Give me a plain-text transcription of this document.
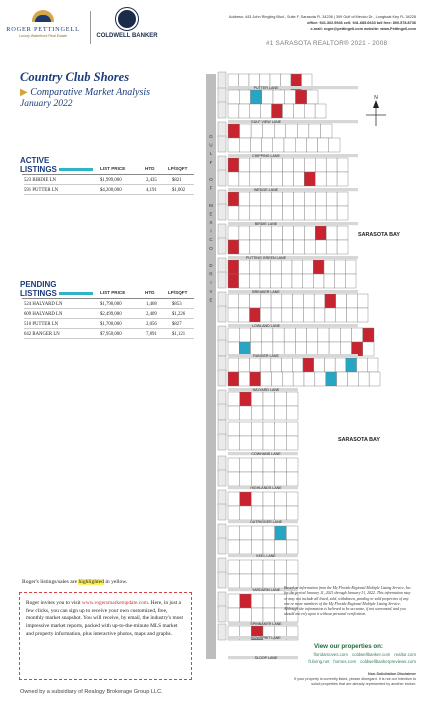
ROGER PETTINGELL
Luxury Waterfront Real Estate	COLDWELL BANKER
Address: 443 John Ringling Blvd., Suite F, Sarasota FL 34236 | 399 Gulf of Mexico Dr., Longboat Key FL 34228
office: 941.302.9946 cell: 941.685.6633 toll free: 800.578.8736
e-mail: roger@pettingell.com website: www.Pettingell.com
#1 SARASOTA REALTOR® 2021 - 2008
Country Club Shores
▶ Comparative Market Analysis
January 2022
ACTIVE
LISTINGS	LIST PRICE	HTD	LP/SQFT
523 BIRDIE LN	$1,999,000	2,435	$821
591 PUTTER LN	$4,200,000	4,191	$1,002
PENDING
LISTINGS	LIST PRICE	HTD	LP/SQFT
524 HALYARD LN	$1,790,000	1,468	$853
609 HALYARD LN	$2,499,000	2,409	$1,226
510 PUTTER LN	$1,700,000	2,056	$827
642 RANGER LN	$7,950,000	7,891	$1,121
Roger's listings/sales are highlighted in yellow.
Roger invites you to visit www.rogersmarketupdate.com. Here, in just a few clicks, you can sign up to receive your own customized, free, monthly market snapshot. You will receive, by email, the industry's most impressive market reports, packed with up-to-the-minute MLS market and property information, plus interactive photos, maps and graphs.
Owned by a subsidiary of Realogy Brokerage Group LLC.
G
U
L
F
O
F
M
E
X
I
C
O
D
R
I
V
E
PUTTER LANE
GULF VIEW LANE
CHIPPING LANE
WEDGE LANE
BIRDIE LANE
PUTTING GREEN LANE
BREAKER LANE
LOWLAND LANE
RANGER LANE
HALYARD LANE
COWHAND LANE
HIGHLANDS LANE
OUTRIGGER LANE
KEEL LANE
YARDARM LANE
SPINNAKER LANE
BOWSPRIT LANE
SLOOP LANE
N
SARASOTA BAY
SARASOTA BAY
Based on information from the My Florida Regional Multiple Listing Service, Inc. for the period January 11, 2021 through January 31, 2022. This information may or may not include all listed, sold, withdrawn, pending or sold properties of any one or more members of the My Florida Regional Multiple Listing Service. Although the information is believed to be accurate, if not warranted, and you should not rely upon it without personal verification.
View our properties on:
floridamoves.com coldwellbanker.com realtor.com
ft.living.net homes.com coldwellbankerpreviews.com
Non-Solicitation Disclaimer
If your property is currently listed, please disregard. It is not our intention to solicit properties that are already represented by another broker.
